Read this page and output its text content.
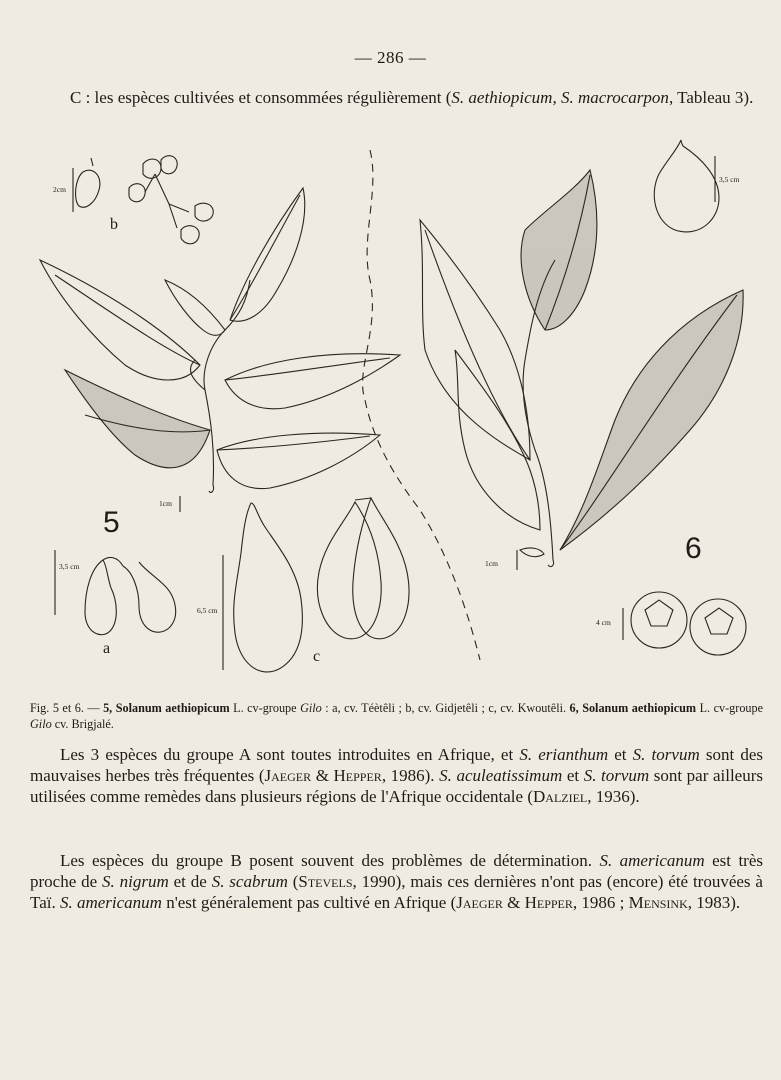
— 286 —

C : les espèces cultivées et consommées régulièrement (S. aethiopicum, S. macrocarpon, Tableau 3).

b
2cm
1cm
5
3,5 cm
a
6,5 cm
c
1cm	6
3,5 cm
4 cm

Fig. 5 et 6. — 5, Solanum aethiopicum L. cv-groupe Gilo : a, cv. Téètêli ; b, cv. Gidjetêli ; c, cv. Kwoutêli. 6, Solanum aethiopicum L. cv-groupe Gilo cv. Brigjalé.

Les 3 espèces du groupe A sont toutes introduites en Afrique, et S. erianthum et S. torvum sont des mauvaises herbes très fréquentes (Jaeger & Hepper, 1986). S. aculeatissimum et S. torvum sont par ailleurs utilisées comme remèdes dans plusieurs régions de l'Afrique occidentale (Dalziel, 1936).

Les espèces du groupe B posent souvent des problèmes de détermination. S. americanum est très proche de S. nigrum et de S. scabrum (Stevels, 1990), mais ces dernières n'ont pas (encore) été trouvées à Taï. S. americanum n'est généralement pas cultivé en Afrique (Jaeger & Hepper, 1986 ; Mensink, 1983).
